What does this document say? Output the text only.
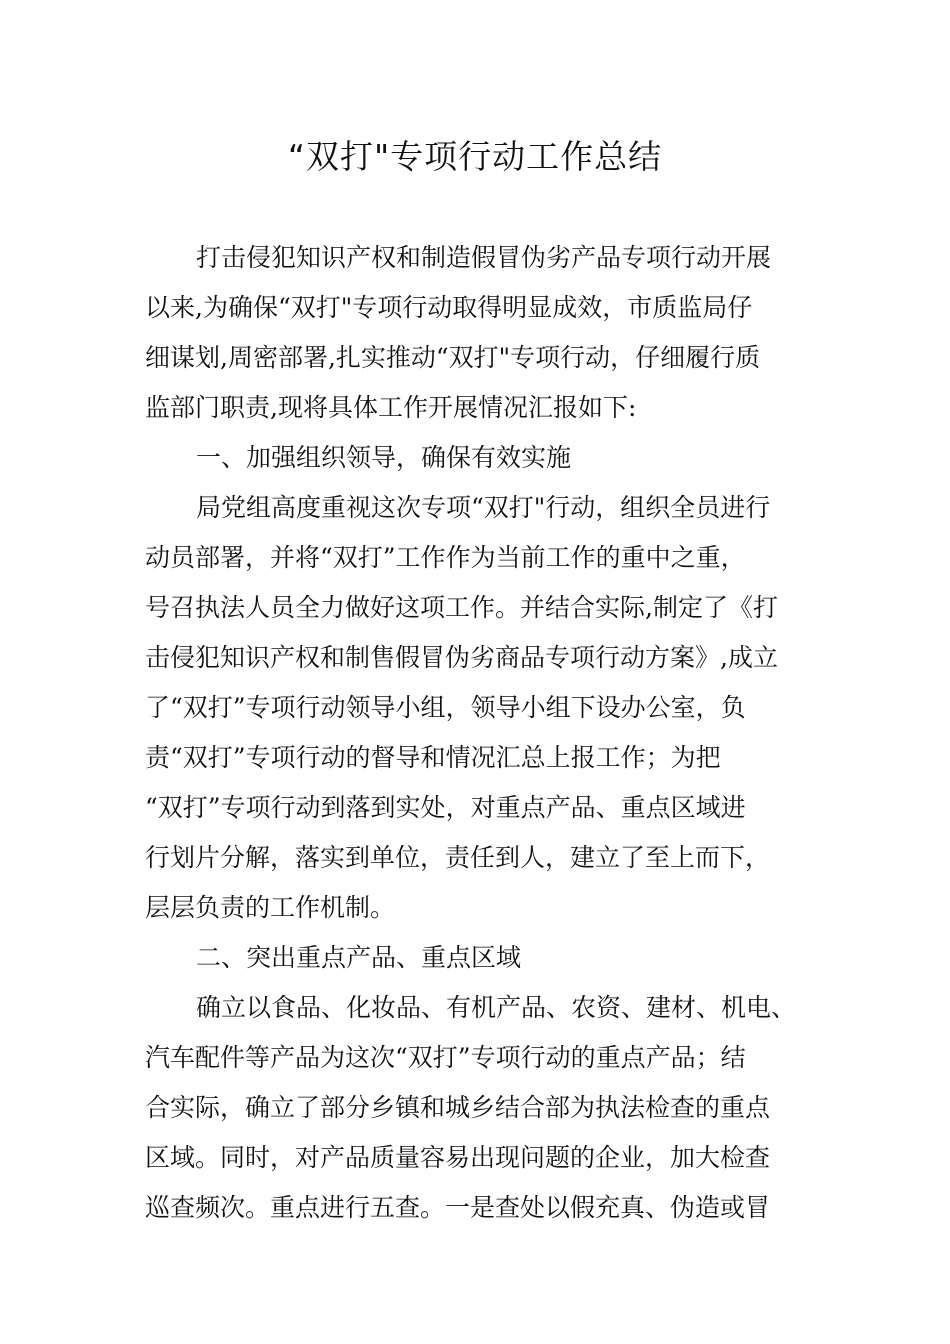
“双打"专项行动工作总结
打击侵犯知识产权和制造假冒伪劣产品专项行动开展
以来,为确保“双打"专项行动取得明显成效，市质监局仔
细谋划,周密部署,扎实推动“双打"专项行动，仔细履行质
监部门职责,现将具体工作开展情况汇报如下:
一、加强组织领导，确保有效实施
局党组高度重视这次专项“双打"行动，组织全员进行
动员部署，并将“双打”工作作为当前工作的重中之重，
号召执法人员全力做好这项工作。并结合实际,制定了《打
击侵犯知识产权和制售假冒伪劣商品专项行动方案》,成立
了“双打”专项行动领导小组，领导小组下设办公室，负
责“双打”专项行动的督导和情况汇总上报工作；为把
“双打”专项行动到落到实处，对重点产品、重点区域进
行划片分解，落实到单位，责任到人，建立了至上而下，
层层负责的工作机制。
二、突出重点产品、重点区域
确立以食品、化妆品、有机产品、农资、建材、机电、
汽车配件等产品为这次“双打”专项行动的重点产品；结
合实际，确立了部分乡镇和城乡结合部为执法检查的重点
区域。同时，对产品质量容易出现问题的企业，加大检查
巡查频次。重点进行五查。一是查处以假充真、伪造或冒
